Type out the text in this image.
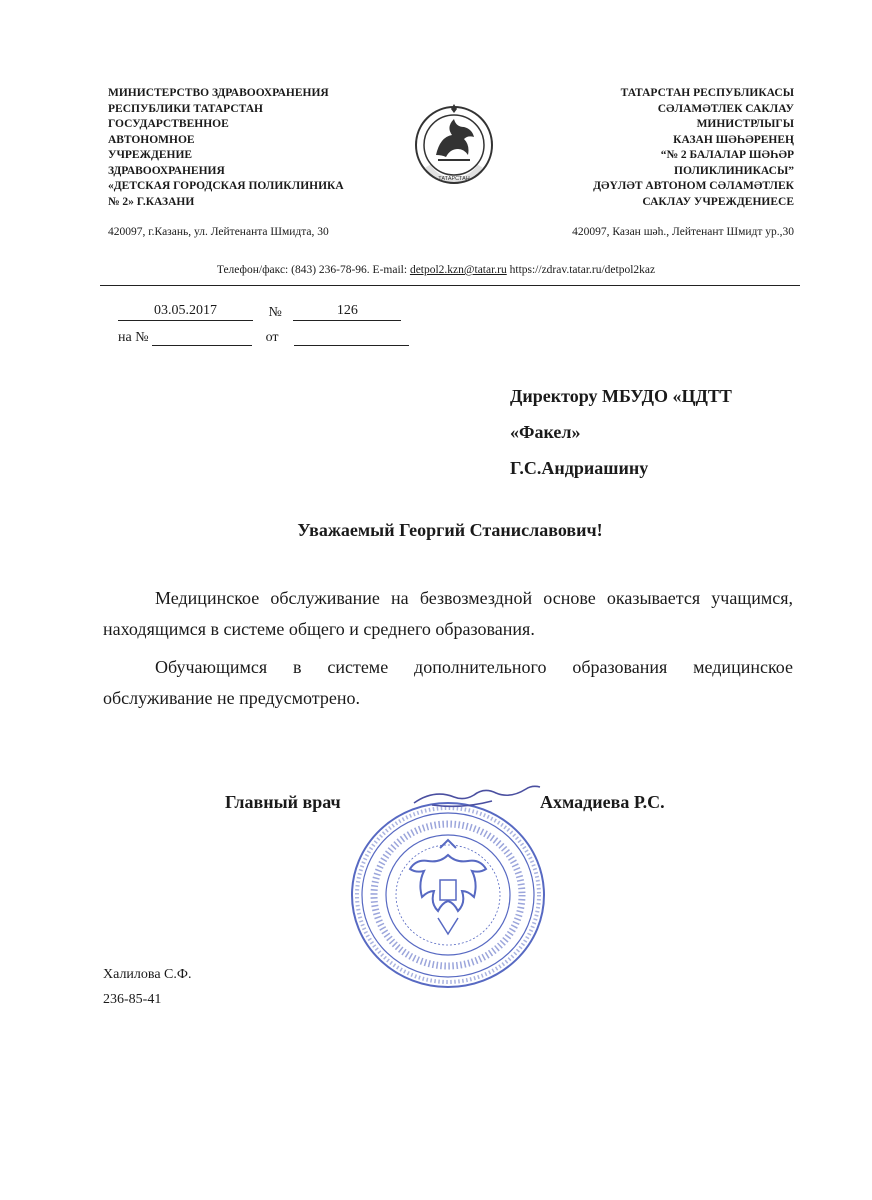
МИНИСТЕРСТВО ЗДРАВООХРАНЕНИЯ
РЕСПУБЛИКИ ТАТАРСТАН
ГОСУДАРСТВЕННОЕ
АВТОНОМНОЕ
УЧРЕЖДЕНИЕ
ЗДРАВООХРАНЕНИЯ
«ДЕТСКАЯ ГОРОДСКАЯ ПОЛИКЛИНИКА
№ 2» Г.КАЗАНИ
ТАТАРСТАН
ТАТАРСТАН РЕСПУБЛИКАСЫ
СӘЛАМӘТЛЕК САКЛАУ
МИНИСТРЛЫГЫ
КАЗАН ШӘҺӘРЕНЕҢ
“№ 2 БАЛАЛАР ШӘҺӘР
ПОЛИКЛИНИКАСЫ”
ДӘҮЛӘТ АВТОНОМ СӘЛАМӘТЛЕК
САКЛАУ УЧРЕЖДЕНИЕСЕ
420097, г.Казань, ул. Лейтенанта Шмидта, 30	420097, Казан шәһ., Лейтенант Шмидт ур.,30
Телефон/факс: (843) 236-78-96. E-mail: detpol2.kzn@tatar.ru https://zdrav.tatar.ru/detpol2kaz
03.05.2017	№	126
на №	от
Директору МБУДО «ЦДТТ
«Факел»
Г.С.Андриашину
Уважаемый Георгий Станиславович!

Медицинское обслуживание на безвозмездной основе оказывается учащимся, находящимся в системе общего и среднего образования.

Обучающимся в системе дополнительного образования медицинское обслуживание не предусмотрено.

Главный врач	Ахмадиева Р.С.
Халилова С.Ф.
236-85-41
